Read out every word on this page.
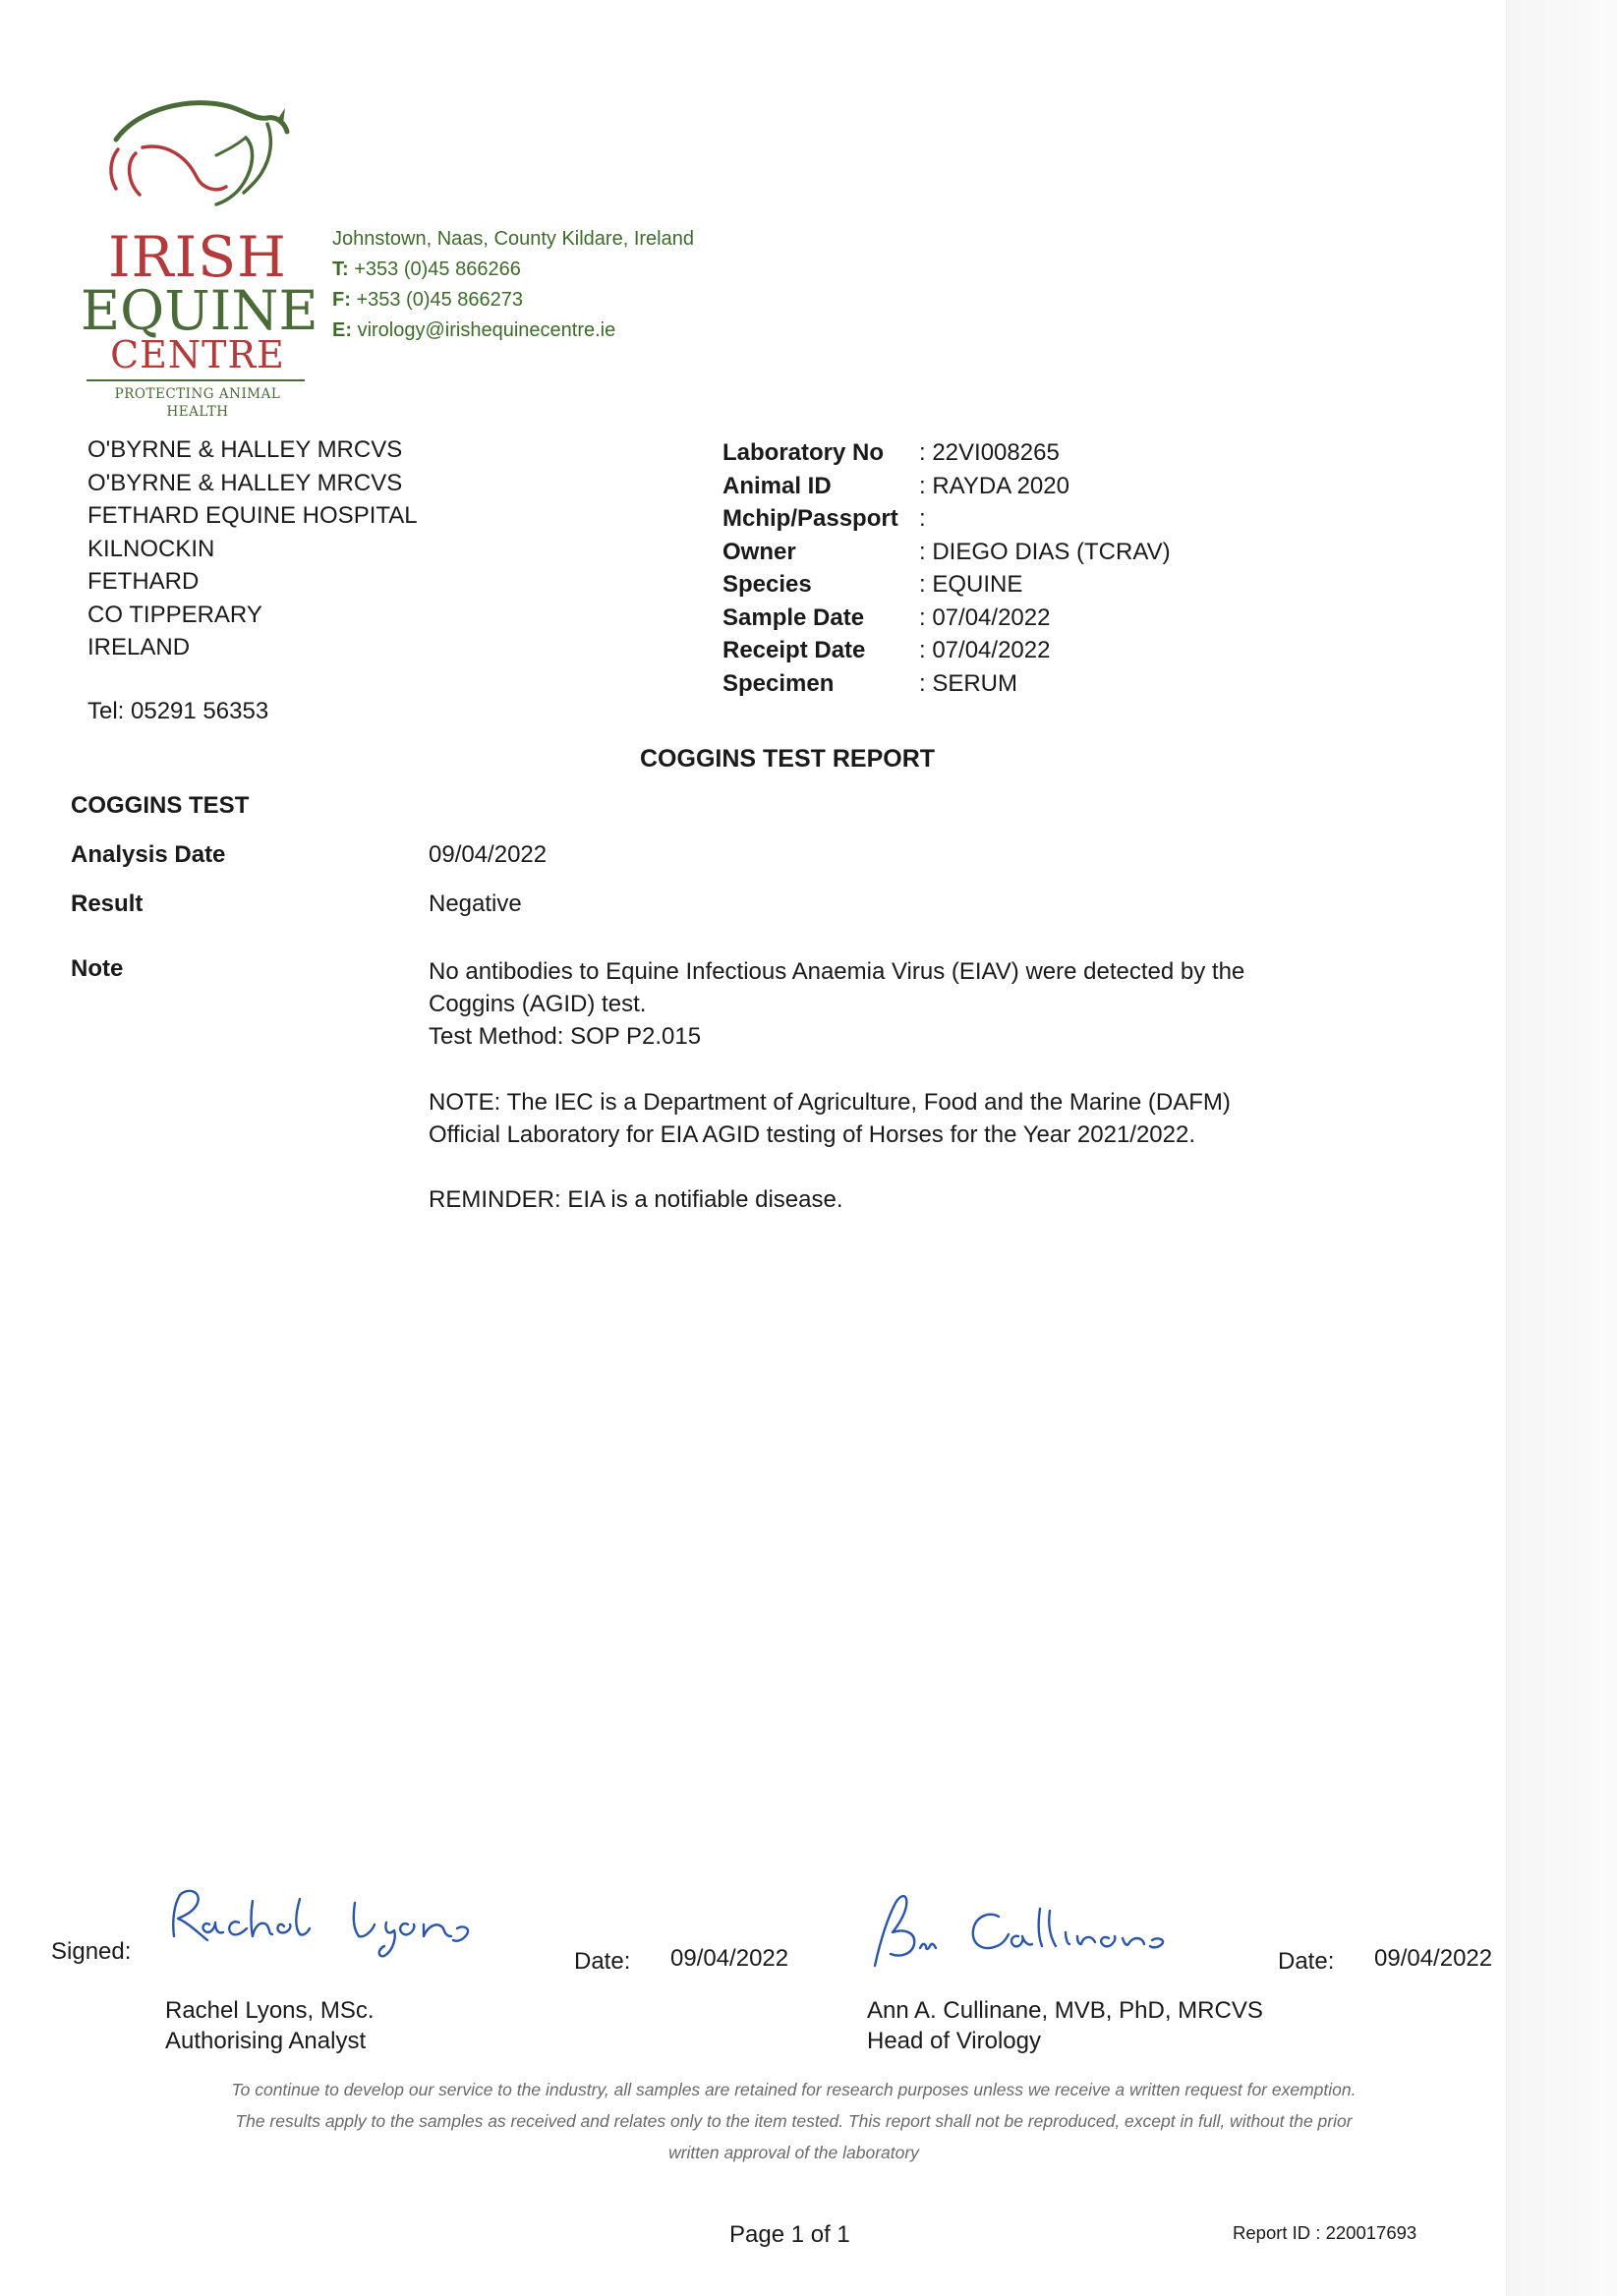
IRISH
EQUINE
CENTRE
PROTECTING ANIMAL HEALTH
Johnstown, Naas, County Kildare, Ireland
T: +353 (0)45 866266
F: +353 (0)45 866273
E: virology@irishequinecentre.ie
O'BYRNE & HALLEY MRCVS
O'BYRNE & HALLEY MRCVS
FETHARD EQUINE HOSPITAL
KILNOCKIN
FETHARD
CO TIPPERARY
IRELAND
Tel: 05291 56353
Laboratory No	: 22VI008265
Animal ID	: RAYDA 2020
Mchip/Passport :
Owner	: DIEGO DIAS (TCRAV)
Species	: EQUINE
Sample Date	: 07/04/2022
Receipt Date	: 07/04/2022
Specimen	: SERUM
COGGINS TEST REPORT
COGGINS TEST
Analysis Date	09/04/2022
Result	Negative
Note	No antibodies to Equine Infectious Anaemia Virus (EIAV) were detected by the Coggins (AGID) test.

Test Method: SOP P2.015

NOTE: The IEC is a Department of Agriculture, Food and the Marine (DAFM) Official Laboratory for EIA AGID testing of Horses for the Year 2021/2022.

REMINDER: EIA is a notifiable disease.

Signed:	Date: 09/04/2022	Date: 09/04/2022
Rachel Lyons, MSc.
Authorising Analyst
Ann A. Cullinane, MVB, PhD, MRCVS
Head of Virology
To continue to develop our service to the industry, all samples are retained for research purposes unless we receive a written request for exemption.
The results apply to the samples as received and relates only to the item tested. This report shall not be reproduced, except in full, without the prior
written approval of the laboratory
Page 1 of 1	Report ID : 220017693
